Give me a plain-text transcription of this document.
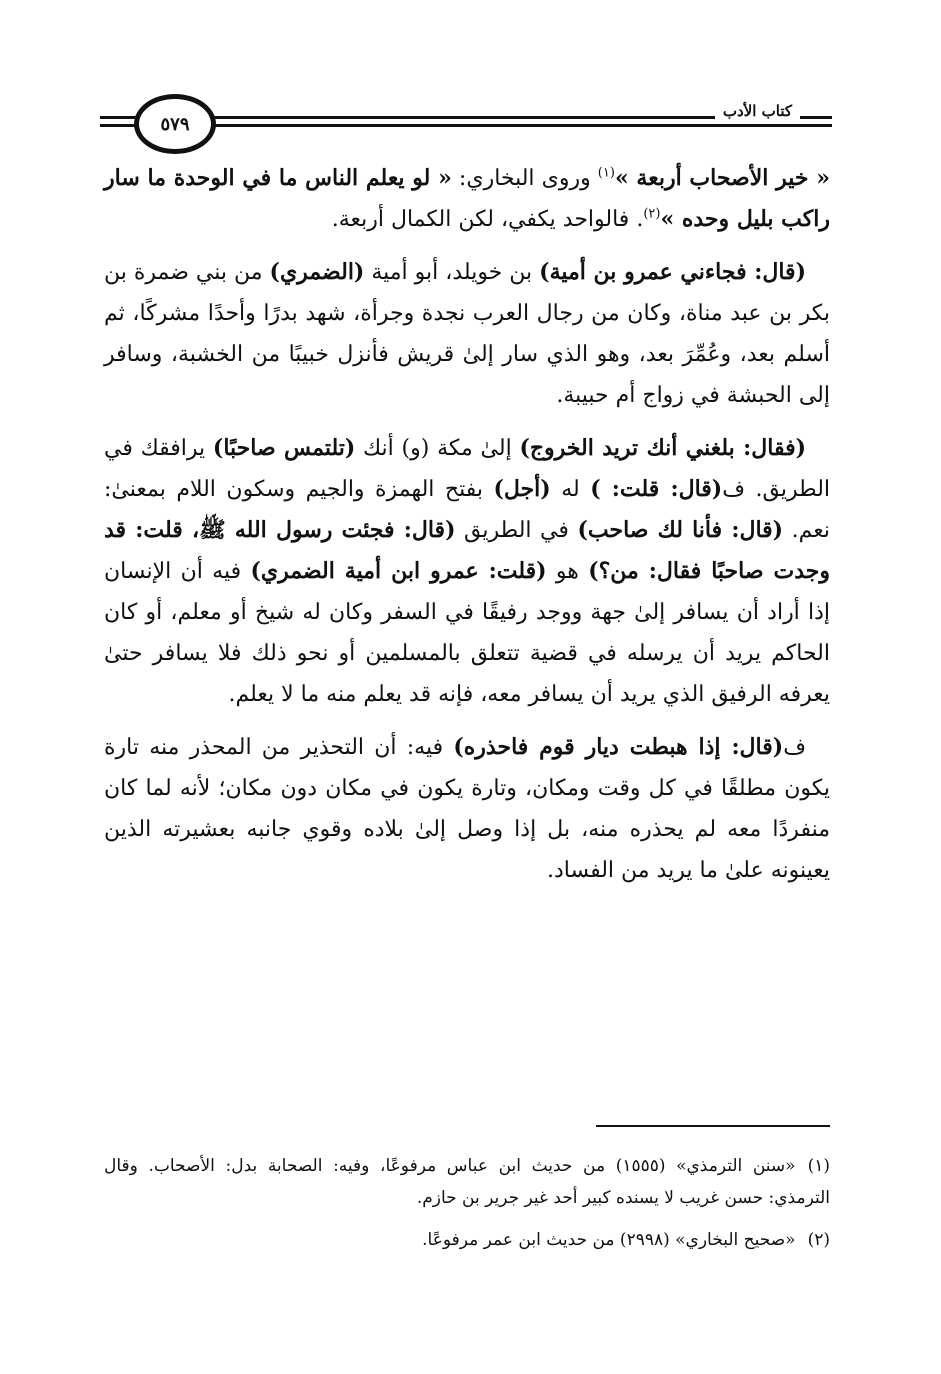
كتاب الأدب
٥٧٩

« خير الأصحاب أربعة »$^{(١)}$ وروى البخاري: « لو يعلم الناس ما في الوحدة ما سار راكب بليل وحده »$^{(٢)}$. فالواحد يكفي، لكن الكمال أربعة.

(قال: فجاءني عمرو بن أمية) بن خويلد، أبو أمية (الضمري) من بني ضمرة بن بكر بن عبد مناة، وكان من رجال العرب نجدة وجرأة، شهد بدرًا وأحدًا مشركًا، ثم أسلم بعد، وعُمِّرَ بعد، وهو الذي سار إلىٰ قريش فأنزل خبيبًا من الخشبة، وسافر إلى الحبشة في زواج أم حبيبة.

(فقال: بلغني أنك تريد الخروج) إلىٰ مكة (و) أنك (تلتمس صاحبًا) يرافقك في الطريق. ف(قال: قلت: ) له (أجل) بفتح الهمزة والجيم وسكون اللام بمعنىٰ: نعم. (قال: فأنا لك صاحب) في الطريق (قال: فجئت رسول الله ﷺ، قلت: قد وجدت صاحبًا فقال: من؟) هو (قلت: عمرو ابن أمية الضمري) فيه أن الإنسان إذا أراد أن يسافر إلىٰ جهة ووجد رفيقًا في السفر وكان له شيخ أو معلم، أو كان الحاكم يريد أن يرسله في قضية تتعلق بالمسلمين أو نحو ذلك فلا يسافر حتىٰ يعرفه الرفيق الذي يريد أن يسافر معه، فإنه قد يعلم منه ما لا يعلم.

ف(قال: إذا هبطت ديار قوم فاحذره) فيه: أن التحذير من المحذر منه تارة يكون مطلقًا في كل وقت ومكان، وتارة يكون في مكان دون مكان؛ لأنه لما كان منفردًا معه لم يحذره منه، بل إذا وصل إلىٰ بلاده وقوي جانبه بعشيرته الذين يعينونه علىٰ ما يريد من الفساد.

(١)«سنن الترمذي» (١٥٥٥) من حديث ابن عباس مرفوعًا، وفيه: الصحابة بدل: الأصحاب. وقال الترمذي: حسن غريب لا يسنده كبير أحد غير جرير بن حازم.
(٢)«صحيح البخاري» (٢٩٩٨) من حديث ابن عمر مرفوعًا.
